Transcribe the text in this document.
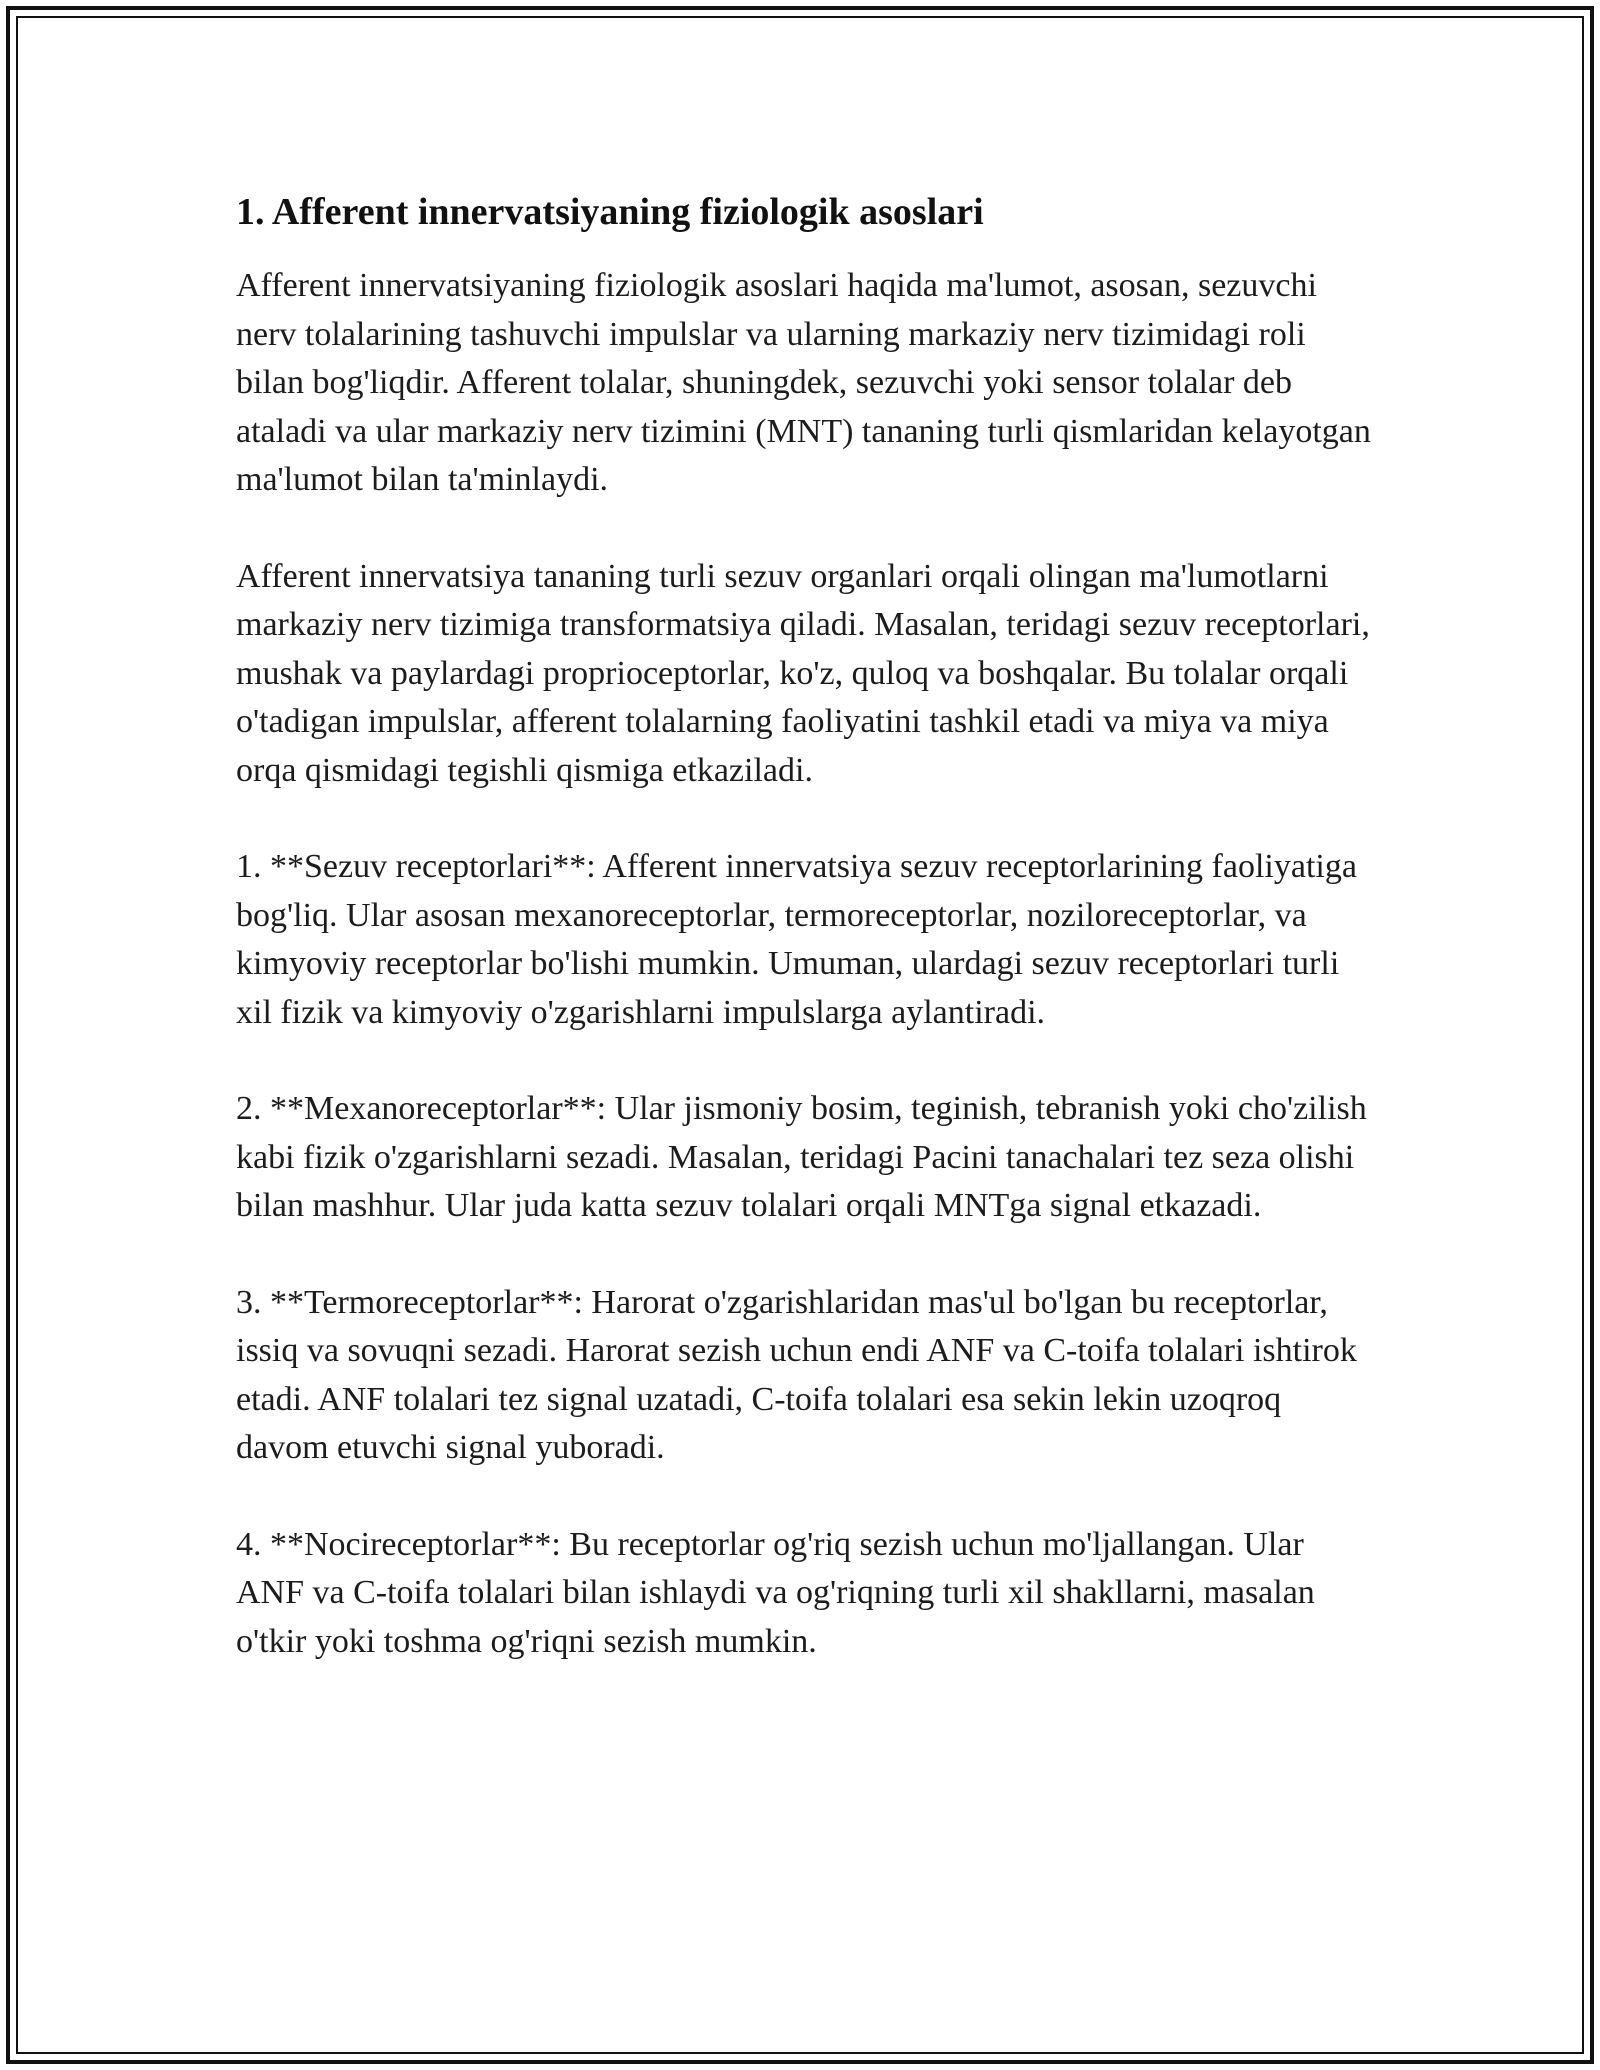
1. Afferent innervatsiyaning fiziologik asoslari

Afferent innervatsiyaning fiziologik asoslari haqida ma'lumot, asosan, sezuvchi nerv tolalarining tashuvchi impulslar va ularning markaziy nerv tizimidagi roli bilan bog'liqdir. Afferent tolalar, shuningdek, sezuvchi yoki sensor tolalar deb ataladi va ular markaziy nerv tizimini (MNT) tananing turli qismlaridan kelayotgan ma'lumot bilan ta'minlaydi.

Afferent innervatsiya tananing turli sezuv organlari orqali olingan ma'lumotlarni markaziy nerv tizimiga transformatsiya qiladi. Masalan, teridagi sezuv receptorlari, mushak va paylardagi proprioceptorlar, ko'z, quloq va boshqalar. Bu tolalar orqali o'tadigan impulslar, afferent tolalarning faoliyatini tashkil etadi va miya va miya orqa qismidagi tegishli qismiga etkaziladi.

1. **Sezuv receptorlari**: Afferent innervatsiya sezuv receptorlarining faoliyatiga bog'liq. Ular asosan mexanoreceptorlar, termoreceptorlar, noziloreceptorlar, va kimyoviy receptorlar bo'lishi mumkin. Umuman, ulardagi sezuv receptorlari turli xil fizik va kimyoviy o'zgarishlarni impulslarga aylantiradi.

2. **Mexanoreceptorlar**: Ular jismoniy bosim, teginish, tebranish yoki cho'zilish kabi fizik o'zgarishlarni sezadi. Masalan, teridagi Pacini tanachalari tez seza olishi bilan mashhur. Ular juda katta sezuv tolalari orqali MNTga signal etkazadi.

3. **Termoreceptorlar**: Harorat o'zgarishlaridan mas'ul bo'lgan bu receptorlar, issiq va sovuqni sezadi. Harorat sezish uchun endi ANF va C-toifa tolalari ishtirok etadi. ANF tolalari tez signal uzatadi, C-toifa tolalari esa sekin lekin uzoqroq davom etuvchi signal yuboradi.

4. **Nocireceptorlar**: Bu receptorlar og'riq sezish uchun mo'ljallangan. Ular ANF va C-toifa tolalari bilan ishlaydi va og'riqning turli xil shakllarni, masalan o'tkir yoki toshma og'riqni sezish mumkin.
